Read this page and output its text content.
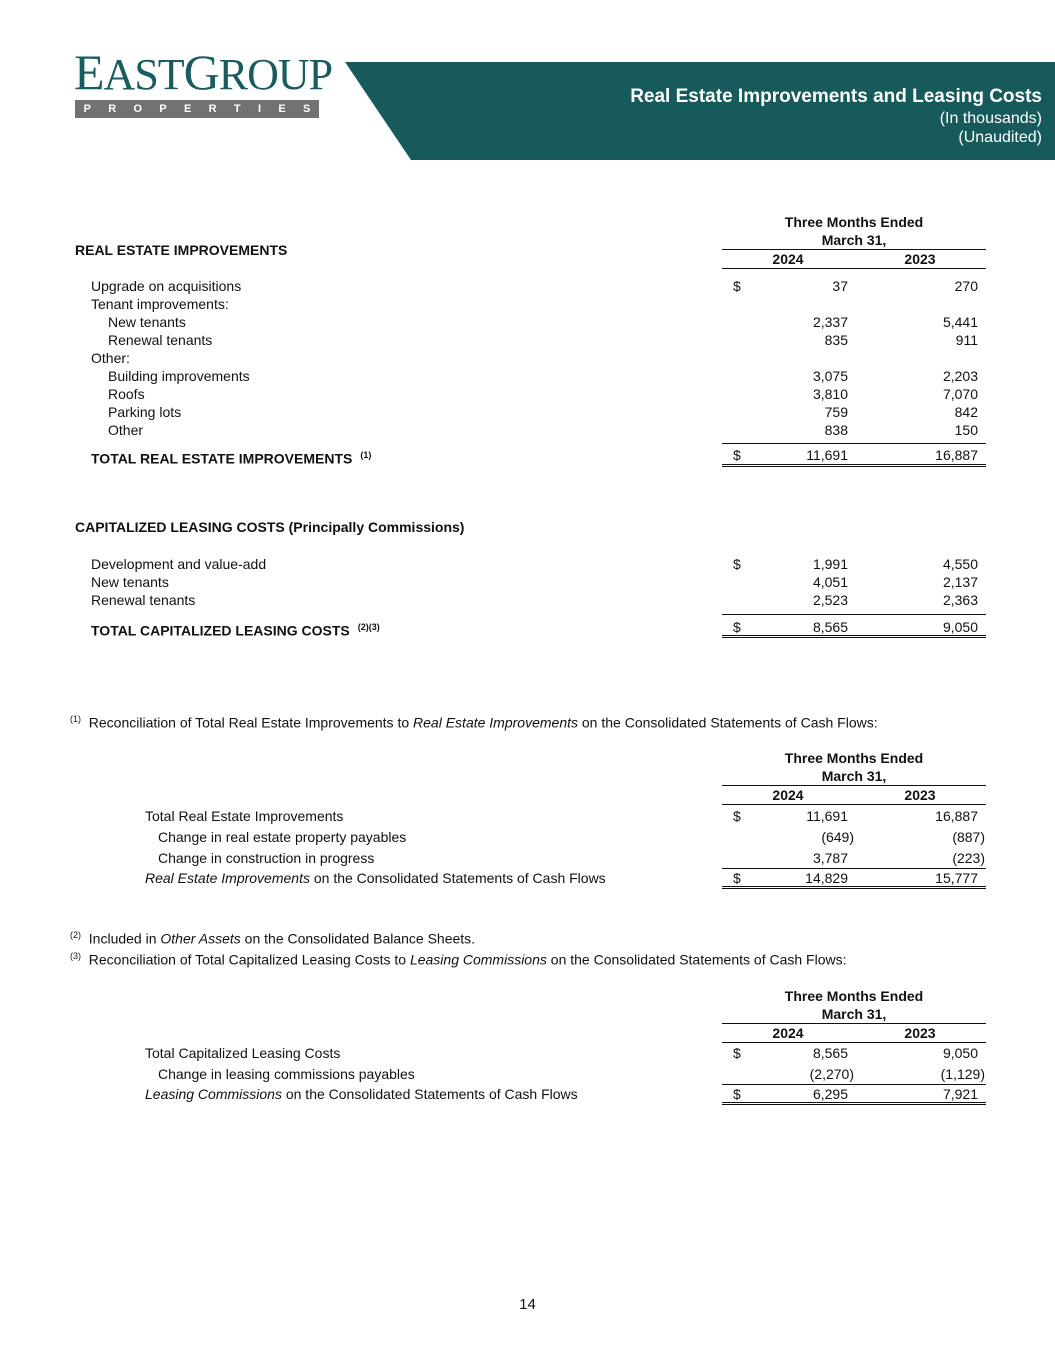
EASTGROUP
P R O P E R T I E S
Real Estate Improvements and Leasing Costs
(In thousands)
(Unaudited)
Three Months Ended
March 31,
2024	2023
REAL ESTATE IMPROVEMENTS
Upgrade on acquisitions	$	37	270
Tenant improvements:
New tenants	2,337	5,441
Renewal tenants	835	911
Other:
Building improvements	3,075	2,203
Roofs	3,810	7,070
Parking lots	759	842
Other	838	150
TOTAL REAL ESTATE IMPROVEMENTS $^{(1)}$	$	11,691	16,887
CAPITALIZED LEASING COSTS (Principally Commissions)
Development and value-add	$	1,991	4,550
New tenants	4,051	2,137
Renewal tenants	2,523	2,363
TOTAL CAPITALIZED LEASING COSTS $^{(2)(3)}$	$	8,565	9,050
$^{(1)}$ Reconciliation of Total Real Estate Improvements to Real Estate Improvements on the Consolidated Statements of Cash Flows:
Three Months Ended
March 31,
2024	2023
Total Real Estate Improvements	$	11,691	16,887
Change in real estate property payables	(649)	(887)
Change in construction in progress	3,787	(223)
Real Estate Improvements on the Consolidated Statements of Cash Flows	$	14,829	15,777
$^{(2)}$ Included in Other Assets on the Consolidated Balance Sheets.
$^{(3)}$ Reconciliation of Total Capitalized Leasing Costs to Leasing Commissions on the Consolidated Statements of Cash Flows:
Three Months Ended
March 31,
2024	2023
Total Capitalized Leasing Costs	$	8,565	9,050
Change in leasing commissions payables	(2,270)	(1,129)
Leasing Commissions on the Consolidated Statements of Cash Flows	$	6,295	7,921
14
